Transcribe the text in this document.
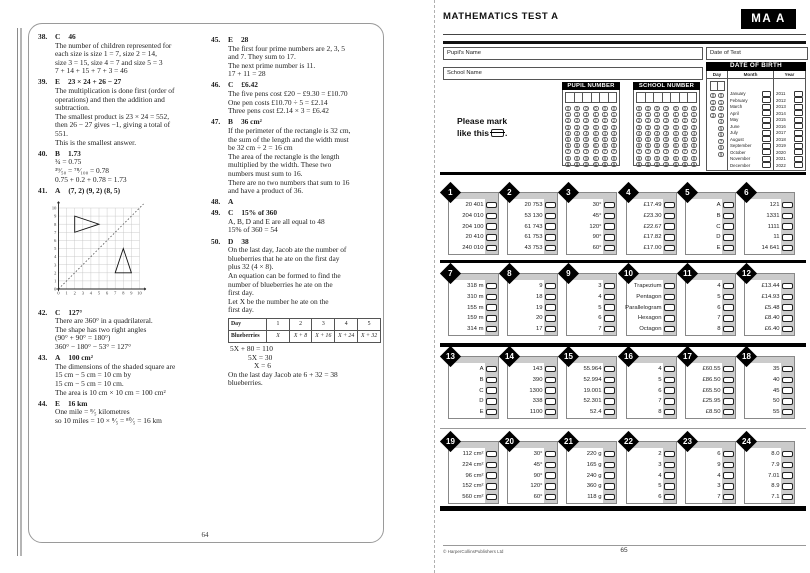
38.	C 46
The number of children represented for
each size is size 1 = 7, size 2 = 14,
size 3 = 15, size 4 = 7 and size 5 = 3
7 + 14 + 15 + 7 + 3 = 46
39.	E 23 × 24 + 26 − 27
The multiplication is done first (order of
operations) and then the addition and
subtraction.
The smallest product is 23 × 24 = 552,
then 26 − 27 gives −1, giving a total of
551.
This is the smallest answer.
40.	B 1.73
¾ = 0.75
³⁹⁄₅₀ = ⁷⁸⁄₁₀₀ = 0.78
0.75 + 0.2 + 0.78 = 1.73
41.	A (7, 2) (9, 2) (8, 5)
0 1 2 3 4 5 6 7 8 9 10
0
1
2
3
4
5
6
7
8
9
10
42.	C 127°
There are 360° in a quadrilateral.
The shape has two right angles
(90° + 90° = 180°)
360° − 180° − 53° = 127°
43.	A 100 cm²
The dimensions of the shaded square are
15 cm − 5 cm = 10 cm by
15 cm − 5 cm = 10 cm.
The area is 10 cm × 10 cm = 100 cm²
44.	E 16 km
One mile = ⁸⁄₅ kilometres
so 10 miles = 10 × ⁸⁄₅ = ⁸⁰⁄₅ = 16 km
45.	E 28
The first four prime numbers are 2, 3, 5
and 7. They sum to 17.
The next prime number is 11.
17 + 11 = 28
46.	C £6.42
The five pens cost £20 − £9.30 = £10.70
One pen costs £10.70 ÷ 5 = £2.14
Three pens cost £2.14 × 3 = £6.42
47.	B 36 cm²
If the perimeter of the rectangle is 32 cm,
the sum of the length and the width must
be 32 cm ÷ 2 = 16 cm
The area of the rectangle is the length
multiplied by the width. These two
numbers must sum to 16.
There are no two numbers that sum to 16
and have a product of 36.
48.	A
49.	C 15% of 360
A, B, D and E are all equal to 48
15% of 360 = 54
50.	D 38
On the last day, Jacob ate the number of
blueberries that he ate on the first day
plus 32 (4 × 8).
An equation can be formed to find the
number of blueberries he ate on the
first day.
Let X be the number he ate on the
first day.
Day	1	2	3	4	5
Blueberries	X	X + 8	X + 16	X + 24	X + 32
5X + 80 = 110
5X = 30
X = 6
On the last day Jacob ate 6 + 32 = 38
blueberries.
64
MATHEMATICS TEST A	MA A
Pupil's Name
School Name
Date of Test
Please mark
like this .
PUPIL NUMBER
0	0	0	0	0	0
1	1	1	1	1	1
2	2	2	2	2	2
3	3	3	3	3	3
4	4	4	4	4	4
5	5	5	5	5	5
6	6	6	6	6	6
7	7	7	7	7	7
8	8	8	8	8	8
9	9	9	9	9	9
SCHOOL NUMBER
0	0	0	0	0	0	0
1	1	1	1	1	1	1
2	2	2	2	2	2	2
3	3	3	3	3	3	3
4	4	4	4	4	4	4
5	5	5	5	5	5	5
6	6	6	6	6	6	6
7	7	7	7	7	7	7
8	8	8	8	8	8	8
9	9	9	9	9	9	9
DATE OF BIRTH
Day	Month	Year
0	0
1	1
2	2
3	3
4
5
6
7
8
9
January
February
March
April
May
June
July
August
September
October
November
December
2011
2012
2013
2014
2015
2016
2017
2018
2019
2020
2021
2022
20 401
204 010
204 100
20 410
240 010
1
20 753
53 130
61 743
61 753
43 753
2
30°
45°
120°
90°
60°
3
£17.49
£23.30
£22.67
£17.82
£17.00
4
A
B
C
D
E
5
121
1331
1111
11
14 641
6
318 m
310 m
155 m
159 m
314 m
7
9
18
19
20
17
8
3
4
5
6
7
9
Trapezium
Pentagon
Parallelogram
Hexagon
Octagon
10
4
5
6
7
8
11
£13.44
£14.93
£5.48
£8.40
£6.40
12
A
B
C
D
E
13
143
390
1300
338
1100
14
55.964
52.994
19.001
52.301
52.4
15
4
5
6
7
8
16
£60.55
£86.50
£65.50
£25.95
£8.50
17
35
40
45
50
55
18
112 cm²
224 cm²
96 cm²
152 cm²
560 cm²
19
30°
45°
90°
120°
60°
20
220 g
165 g
240 g
360 g
118 g
21
2
3
4
5
6
22
6
9
4
3
7
23
8.0
7.9
7.01
8.9
7.1
24
© HarperCollinsPublishers Ltd	65
